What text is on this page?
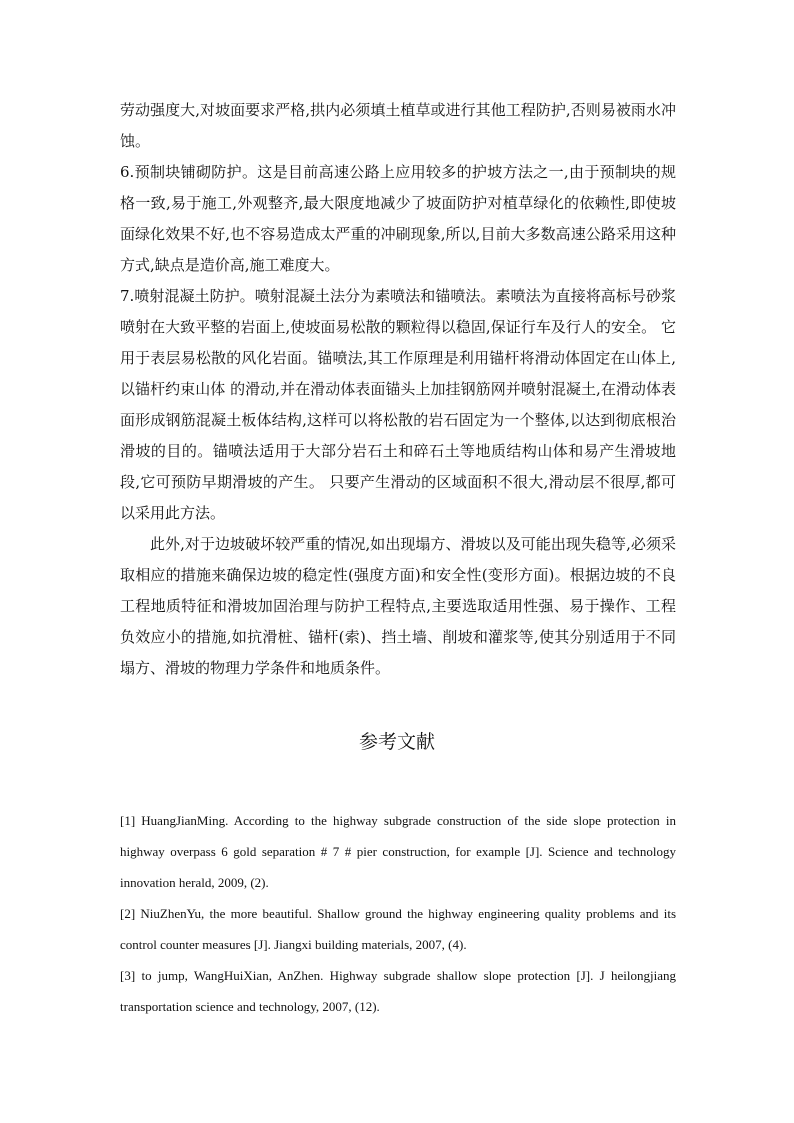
劳动强度大,对坡面要求严格,拱内必须填土植草或进行其他工程防护,否则易被雨水冲蚀。

6.预制块铺砌防护。这是目前高速公路上应用较多的护坡方法之一,由于预制块的规格一致,易于施工,外观整齐,最大限度地减少了坡面防护对植草绿化的依赖性,即使坡面绿化效果不好,也不容易造成太严重的冲刷现象,所以,目前大多数高速公路采用这种方式,缺点是造价高,施工难度大。

7.喷射混凝土防护。喷射混凝土法分为素喷法和锚喷法。素喷法为直接将高标号砂浆喷射在大致平整的岩面上,使坡面易松散的颗粒得以稳固,保证行车及行人的安全。 它用于表层易松散的风化岩面。锚喷法,其工作原理是利用锚杆将滑动体固定在山体上,以锚杆约束山体 的滑动,并在滑动体表面锚头上加挂钢筋网并喷射混凝土,在滑动体表面形成钢筋混凝土板体结构,这样可以将松散的岩石固定为一个整体,以达到彻底根治滑坡的目的。锚喷法适用于大部分岩石土和碎石土等地质结构山体和易产生滑坡地段,它可预防早期滑坡的产生。 只要产生滑动的区域面积不很大,滑动层不很厚,都可以采用此方法。

此外,对于边坡破坏较严重的情况,如出现塌方、滑坡以及可能出现失稳等,必须采取相应的措施来确保边坡的稳定性(强度方面)和安全性(变形方面)。根据边坡的不良工程地质特征和滑坡加固治理与防护工程特点,主要选取适用性强、易于操作、工程负效应小的措施,如抗滑桩、锚杆(索)、挡土墙、削坡和灌浆等,使其分别适用于不同塌方、滑坡的物理力学条件和地质条件。

参考文献

[1] HuangJianMing. According to the highway subgrade construction of the side slope protection in highway overpass 6 gold separation # 7 # pier construction, for example [J]. Science and technology innovation herald, 2009, (2).

[2] NiuZhenYu, the more beautiful. Shallow ground the highway engineering quality problems and its control counter measures [J]. Jiangxi building materials, 2007, (4).

[3] to jump, WangHuiXian, AnZhen. Highway subgrade shallow slope protection [J]. J heilongjiang transportation science and technology, 2007, (12).
